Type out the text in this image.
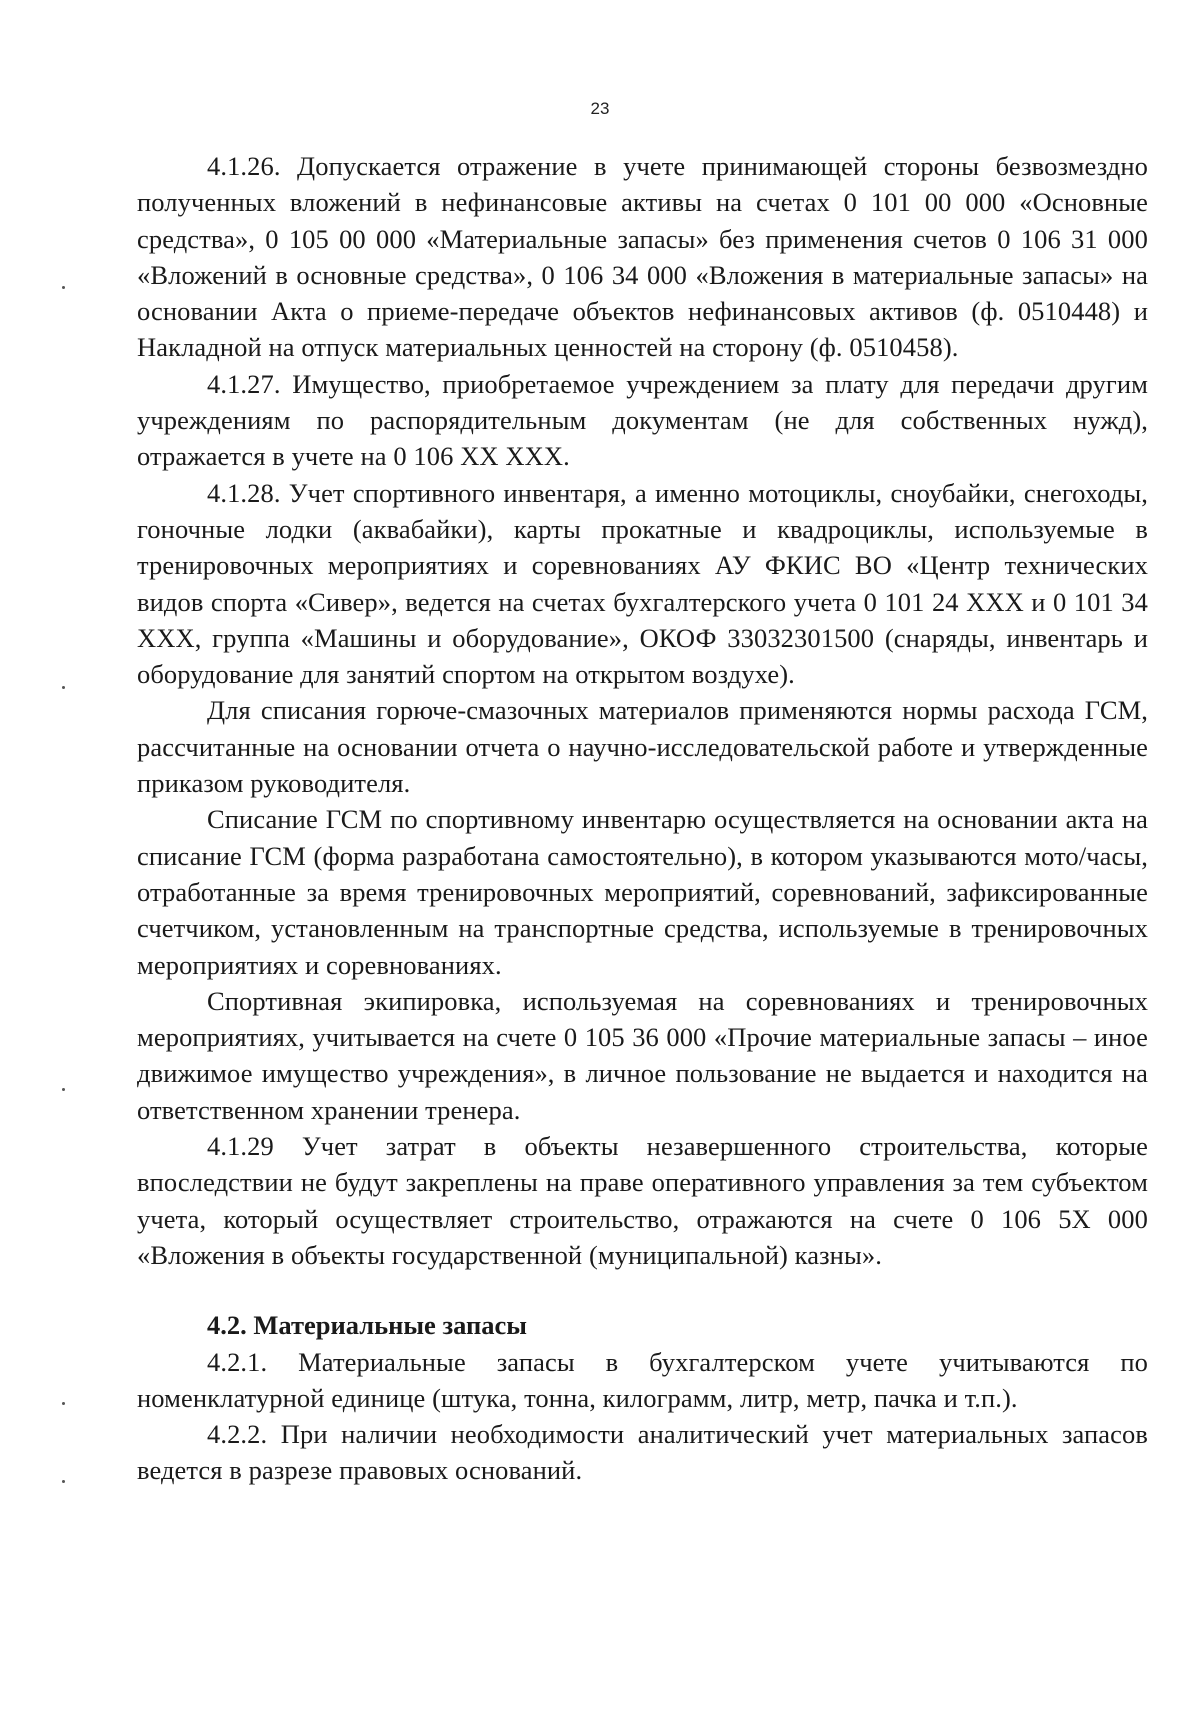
23

4.1.26. Допускается отражение в учете принимающей стороны безвозмездно полученных вложений в нефинансовые активы на счетах 0 101 00 000 «Основные средства», 0 105 00 000 «Материальные запасы» без применения счетов 0 106 31 000 «Вложений в основные средства», 0 106 34 000 «Вложения в материальные запасы» на основании Акта о приеме-передаче объектов нефинансовых активов (ф. 0510448) и Накладной на отпуск материальных ценностей на сторону (ф. 0510458).

4.1.27. Имущество, приобретаемое учреждением за плату для передачи другим учреждениям по распорядительным документам (не для собственных нужд), отражается в учете на 0 106 XX XXX.

4.1.28. Учет спортивного инвентаря, а именно мотоциклы, сноубайки, снегоходы, гоночные лодки (аквабайки), карты прокатные и квадроциклы, используемые в тренировочных мероприятиях и соревнованиях АУ ФКИС ВО «Центр технических видов спорта «Сивер», ведется на счетах бухгалтерского учета 0 101 24 XXX и 0 101 34 XXX, группа «Машины и оборудование», ОКОФ 33032301500 (снаряды, инвентарь и оборудование для занятий спортом на открытом воздухе).

Для списания горюче-смазочных материалов применяются нормы расхода ГСМ, рассчитанные на основании отчета о научно-исследовательской работе и утвержденные приказом руководителя.

Списание ГСМ по спортивному инвентарю осуществляется на основании акта на списание ГСМ (форма разработана самостоятельно), в котором указываются мото/часы, отработанные за время тренировочных мероприятий, соревнований, зафиксированные счетчиком, установленным на транспортные средства, используемые в тренировочных мероприятиях и соревнованиях.

Спортивная экипировка, используемая на соревнованиях и тренировочных мероприятиях, учитывается на счете 0 105 36 000 «Прочие материальные запасы – иное движимое имущество учреждения», в личное пользование не выдается и находится на ответственном хранении тренера.

4.1.29 Учет затрат в объекты незавершенного строительства, которые впоследствии не будут закреплены на праве оперативного управления за тем субъектом учета, который осуществляет строительство, отражаются на счете 0 106 5X 000 «Вложения в объекты государственной (муниципальной) казны».

4.2. Материальные запасы

4.2.1. Материальные запасы в бухгалтерском учете учитываются по номенклатурной единице (штука, тонна, килограмм, литр, метр, пачка и т.п.).

4.2.2. При наличии необходимости аналитический учет материальных запасов ведется в разрезе правовых оснований.
